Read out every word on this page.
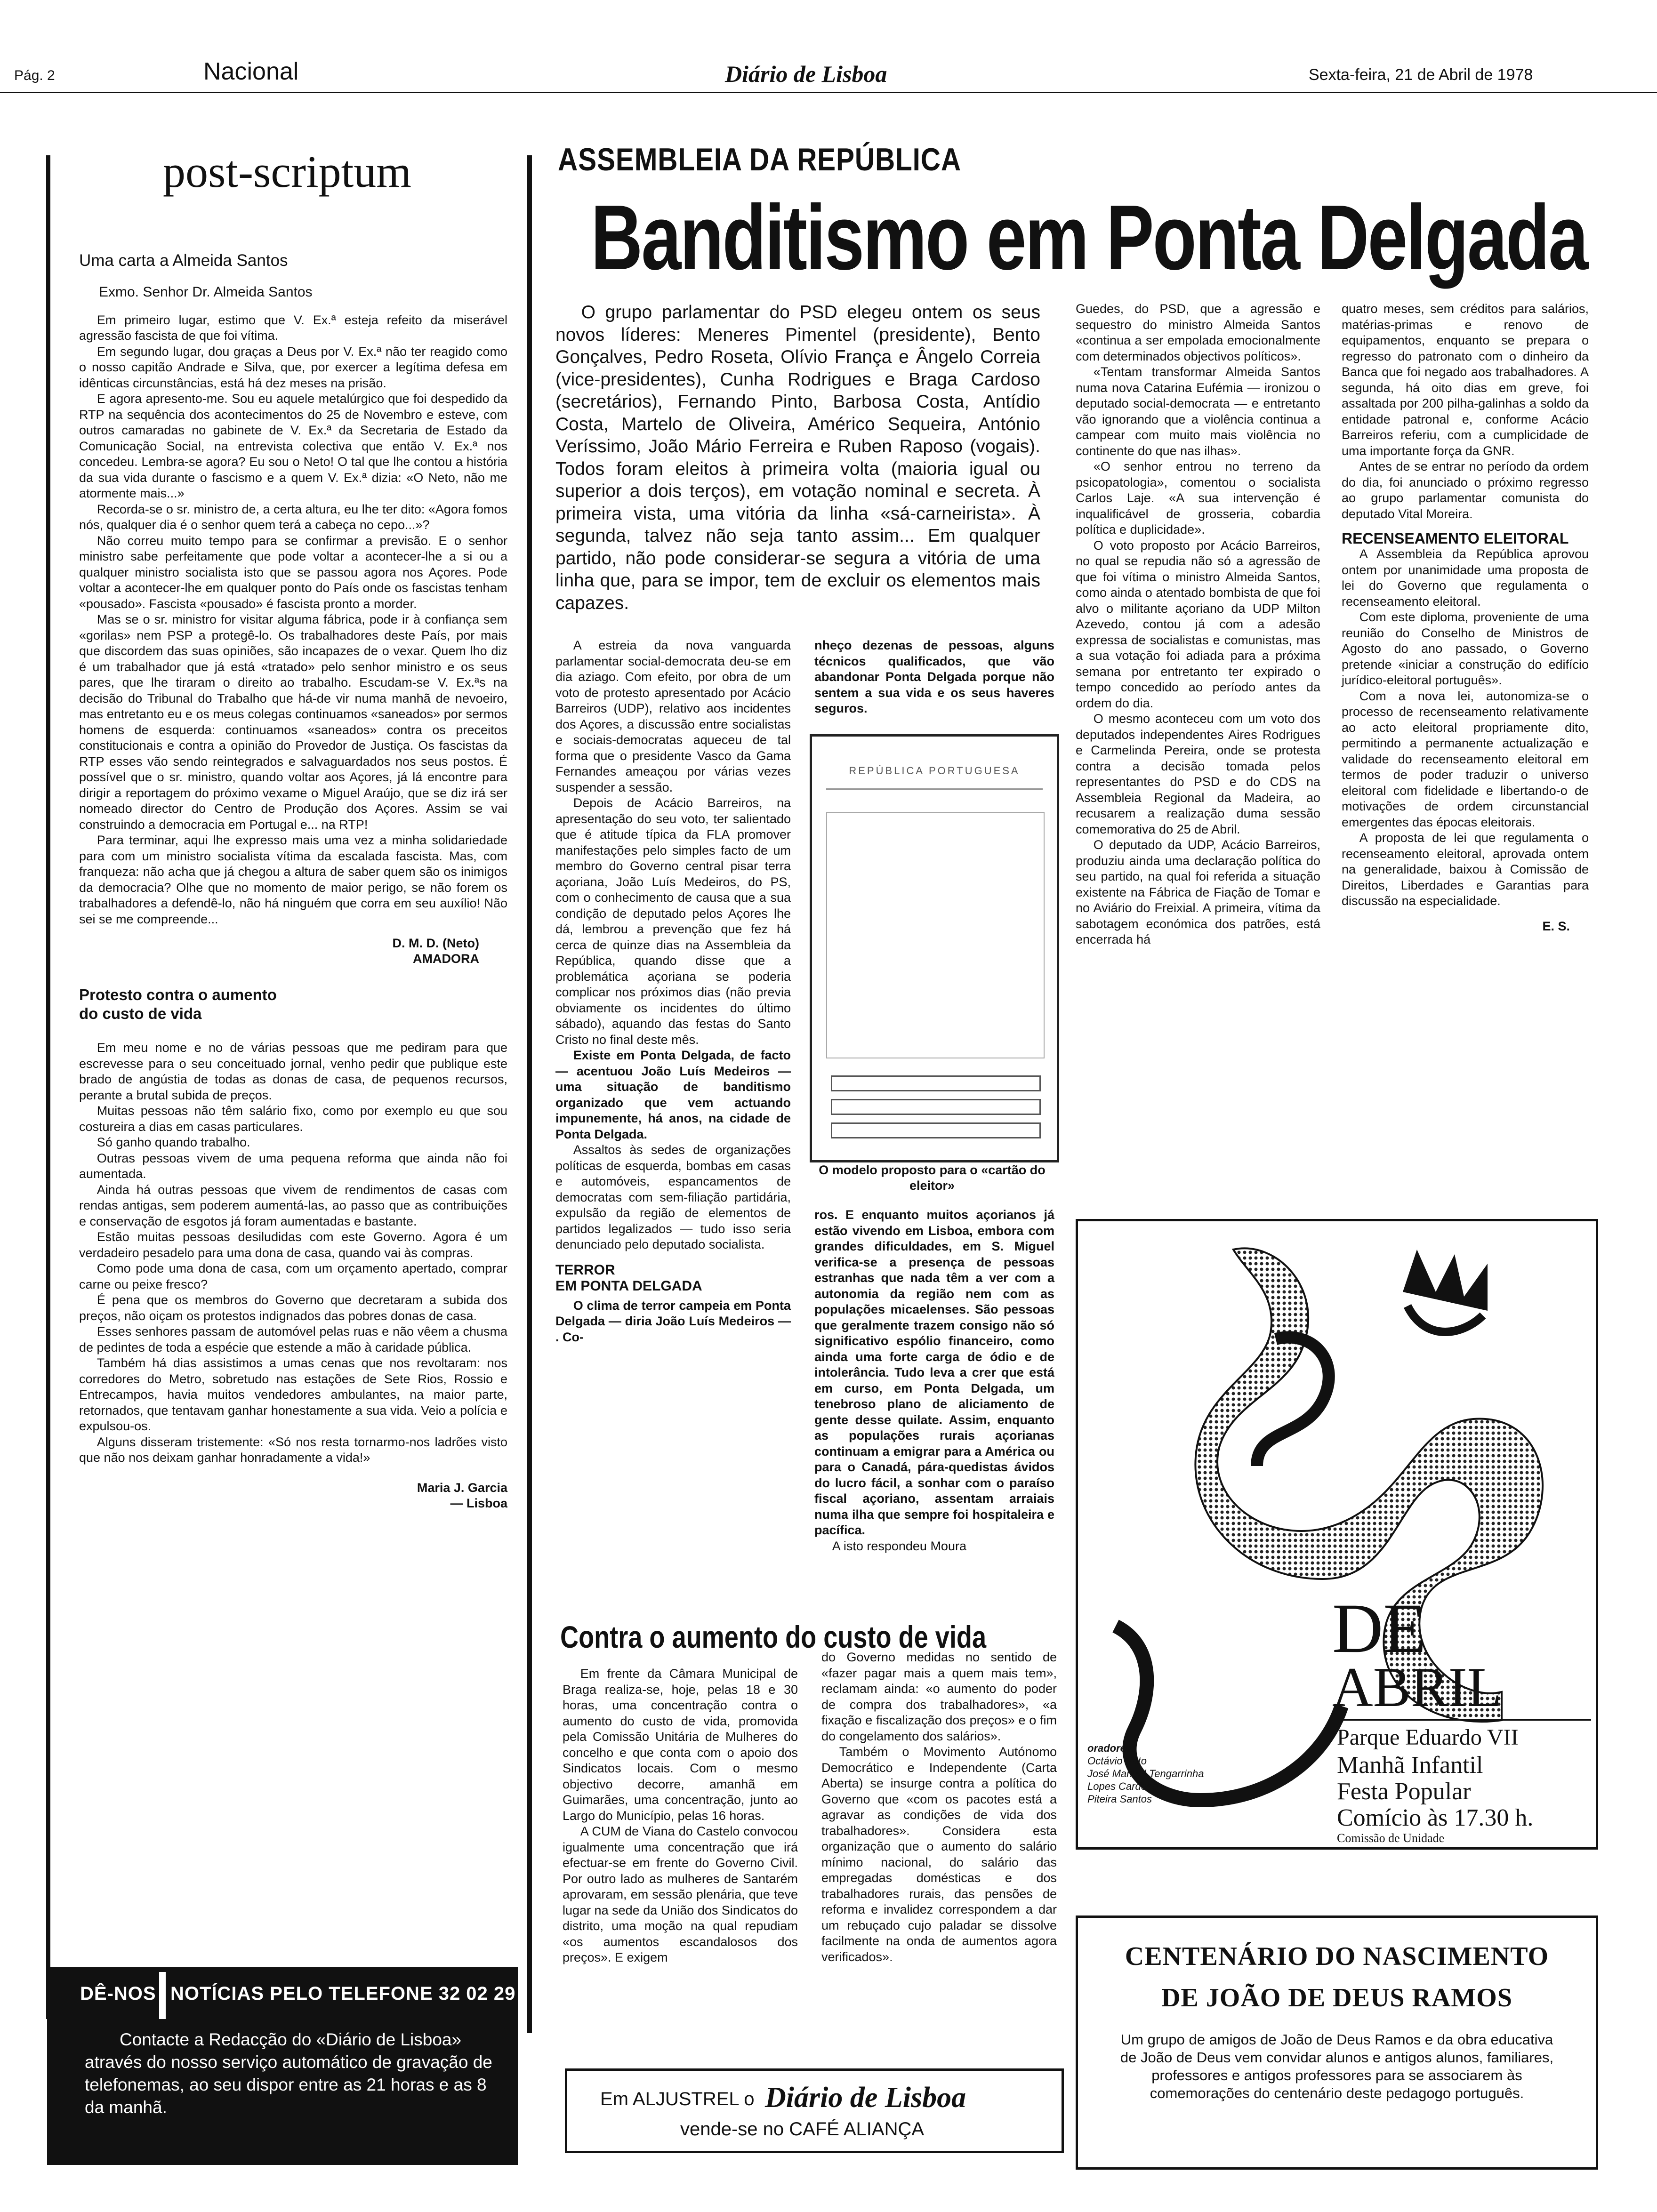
Pág. 2	Nacional	Diário de Lisboa	Sexta-feira, 21 de Abril de 1978
post-scriptum
Uma carta a Almeida Santos
Exmo. Senhor Dr. Almeida Santos

Em primeiro lugar, estimo que V. Ex.ª esteja refeito da miserável agressão fascista de que foi vítima.

Em segundo lugar, dou graças a Deus por V. Ex.ª não ter reagido como o nosso capitão Andrade e Silva, que, por exercer a legítima defesa em idênticas circunstâncias, está há dez meses na prisão.

E agora apresento-me. Sou eu aquele metalúrgico que foi despedido da RTP na sequência dos acontecimentos do 25 de Novembro e esteve, com outros camaradas no gabinete de V. Ex.ª da Secretaria de Estado da Comunicação Social, na entrevista colectiva que então V. Ex.ª nos concedeu. Lembra-se agora? Eu sou o Neto! O tal que lhe contou a história da sua vida durante o fascismo e a quem V. Ex.ª dizia: «O Neto, não me atormente mais...»

Recorda-se o sr. ministro de, a certa altura, eu lhe ter dito: «Agora fomos nós, qualquer dia é o senhor quem terá a cabeça no cepo...»?

Não correu muito tempo para se confirmar a previsão. E o senhor ministro sabe perfeitamente que pode voltar a acontecer-lhe a si ou a qualquer ministro socialista isto que se passou agora nos Açores. Pode voltar a acontecer-lhe em qualquer ponto do País onde os fascistas tenham «pousado». Fascista «pousado» é fascista pronto a morder.

Mas se o sr. ministro for visitar alguma fábrica, pode ir à confiança sem «gorilas» nem PSP a protegê-lo. Os trabalhadores deste País, por mais que discordem das suas opiniões, são incapazes de o vexar. Quem lho diz é um trabalhador que já está «tratado» pelo senhor ministro e os seus pares, que lhe tiraram o direito ao trabalho. Escudam-se V. Ex.ªs na decisão do Tribunal do Trabalho que há-de vir numa manhã de nevoeiro, mas entretanto eu e os meus colegas continuamos «saneados» por sermos homens de esquerda: continuamos «saneados» contra os preceitos constitucionais e contra a opinião do Provedor de Justiça. Os fascistas da RTP esses vão sendo reintegrados e salvaguardados nos seus postos. É possível que o sr. ministro, quando voltar aos Açores, já lá encontre para dirigir a reportagem do próximo vexame o Miguel Araújo, que se diz irá ser nomeado director do Centro de Produção dos Açores. Assim se vai construindo a democracia em Portugal e... na RTP!

Para terminar, aqui lhe expresso mais uma vez a minha solidariedade para com um ministro socialista vítima da escalada fascista. Mas, com franqueza: não acha que já chegou a altura de saber quem são os inimigos da democracia? Olhe que no momento de maior perigo, se não forem os trabalhadores a defendê-lo, não há ninguém que corra em seu auxílio! Não sei se me compreende...

D. M. D. (Neto)
AMADORA
Protesto contra o aumento
do custo de vida

Em meu nome e no de várias pessoas que me pediram para que escrevesse para o seu conceituado jornal, venho pedir que publique este brado de angústia de todas as donas de casa, de pequenos recursos, perante a brutal subida de preços.

Muitas pessoas não têm salário fixo, como por exemplo eu que sou costureira a dias em casas particulares.

Só ganho quando trabalho.

Outras pessoas vivem de uma pequena reforma que ainda não foi aumentada.

Ainda há outras pessoas que vivem de rendimentos de casas com rendas antigas, sem poderem aumentá-las, ao passo que as contribuições e conservação de esgotos já foram aumentadas e bastante.

Estão muitas pessoas desiludidas com este Governo. Agora é um verdadeiro pesadelo para uma dona de casa, quando vai às compras.

Como pode uma dona de casa, com um orçamento apertado, comprar carne ou peixe fresco?

É pena que os membros do Governo que decretaram a subida dos preços, não oiçam os protestos indignados das pobres donas de casa.

Esses senhores passam de automóvel pelas ruas e não vêem a chusma de pedintes de toda a espécie que estende a mão à caridade pública.

Também há dias assistimos a umas cenas que nos revoltaram: nos corredores do Metro, sobretudo nas estações de Sete Rios, Rossio e Entrecampos, havia muitos vendedores ambulantes, na maior parte, retornados, que tentavam ganhar honestamente a sua vida. Veio a polícia e expulsou-os.

Alguns disseram tristemente: «Só nos resta tornarmo-nos ladrões visto que não nos deixam ganhar honradamente a vida!»

Maria J. Garcia
— Lisboa
DÊ-NOS NOTÍCIAS PELO TELEFONE 32 02 29
Contacte a Redacção do «Diário de Lisboa» através do nosso serviço automático de gravação de telefonemas, ao seu dispor entre as 21 horas e as 8 da manhã.
ASSEMBLEIA DA REPÚBLICA
Banditismo em Ponta Delgada

O grupo parlamentar do PSD elegeu ontem os seus novos líderes: Meneres Pimentel (presidente), Bento Gonçalves, Pedro Roseta, Olívio França e Ângelo Correia (vice-presidentes), Cunha Rodrigues e Braga Cardoso (secretários), Fernando Pinto, Barbosa Costa, Antídio Costa, Martelo de Oliveira, Américo Sequeira, António Veríssimo, João Mário Ferreira e Ruben Raposo (vogais). Todos foram eleitos à primeira volta (maioria igual ou superior a dois terços), em votação nominal e secreta. À primeira vista, uma vitória da linha «sá-carneirista». À segunda, talvez não seja tanto assim... Em qualquer partido, não pode considerar-se segura a vitória de uma linha que, para se impor, tem de excluir os elementos mais capazes.

A estreia da nova vanguarda parlamentar social-democrata deu-se em dia aziago. Com efeito, por obra de um voto de protesto apresentado por Acácio Barreiros (UDP), relativo aos incidentes dos Açores, a discussão entre socialistas e sociais-democratas aqueceu de tal forma que o presidente Vasco da Gama Fernandes ameaçou por várias vezes suspender a sessão.

Depois de Acácio Barreiros, na apresentação do seu voto, ter salientado que é atitude típica da FLA promover manifestações pelo simples facto de um membro do Governo central pisar terra açoriana, João Luís Medeiros, do PS, com o conhecimento de causa que a sua condição de deputado pelos Açores lhe dá, lembrou a prevenção que fez há cerca de quinze dias na Assembleia da República, quando disse que a problemática açoriana se poderia complicar nos próximos dias (não previa obviamente os incidentes do último sábado), aquando das festas do Santo Cristo no final deste mês.

Existe em Ponta Delgada, de facto — acentuou João Luís Medeiros — uma situação de banditismo organizado que vem actuando impunemente, há anos, na cidade de Ponta Delgada.

Assaltos às sedes de organizações políticas de esquerda, bombas em casas e automóveis, espancamentos de democratas com sem-filiação partidária, expulsão da região de elementos de partidos legalizados — tudo isso seria denunciado pelo deputado socialista.

TERROR
EM PONTA DELGADA

O clima de terror campeia em Ponta Delgada — diria João Luís Medeiros — . Co-

nheço dezenas de pessoas, alguns técnicos qualificados, que vão abandonar Ponta Delgada porque não sentem a sua vida e os seus haveres seguros.

REPÚBLICA PORTUGUESA
O modelo proposto para o «cartão do eleitor»

ros. E enquanto muitos açorianos já estão vivendo em Lisboa, embora com grandes dificuldades, em S. Miguel verifica-se a presença de pessoas estranhas que nada têm a ver com a autonomia da região nem com as populações micaelenses. São pessoas que geralmente trazem consigo não só significativo espólio financeiro, como ainda uma forte carga de ódio e de intolerância. Tudo leva a crer que está em curso, em Ponta Delgada, um tenebroso plano de aliciamento de gente desse quilate. Assim, enquanto as populações rurais açorianas continuam a emigrar para a América ou para o Canadá, pára-quedistas ávidos do lucro fácil, a sonhar com o paraíso fiscal açoriano, assentam arraiais numa ilha que sempre foi hospitaleira e pacífica.

A isto respondeu Moura

Guedes, do PSD, que a agressão e sequestro do ministro Almeida Santos «continua a ser empolada emocionalmente com determinados objectivos políticos».

«Tentam transformar Almeida Santos numa nova Catarina Eufémia — ironizou o deputado social-democrata — e entretanto vão ignorando que a violência continua a campear com muito mais violência no continente do que nas ilhas».

«O senhor entrou no terreno da psicopatologia», comentou o socialista Carlos Laje. «A sua intervenção é inqualificável de grosseria, cobardia política e duplicidade».

O voto proposto por Acácio Barreiros, no qual se repudia não só a agressão de que foi vítima o ministro Almeida Santos, como ainda o atentado bombista de que foi alvo o militante açoriano da UDP Milton Azevedo, contou já com a adesão expressa de socialistas e comunistas, mas a sua votação foi adiada para a próxima semana por entretanto ter expirado o tempo concedido ao período antes da ordem do dia.

O mesmo aconteceu com um voto dos deputados independentes Aires Rodrigues e Carmelinda Pereira, onde se protesta contra a decisão tomada pelos representantes do PSD e do CDS na Assembleia Regional da Madeira, ao recusarem a realização duma sessão comemorativa do 25 de Abril.

O deputado da UDP, Acácio Barreiros, produziu ainda uma declaração política do seu partido, na qual foi referida a situação existente na Fábrica de Fiação de Tomar e no Aviário do Freixial. A primeira, vítima da sabotagem económica dos patrões, está encerrada há

quatro meses, sem créditos para salários, matérias-primas e renovo de equipamentos, enquanto se prepara o regresso do patronato com o dinheiro da Banca que foi negado aos trabalhadores. A segunda, há oito dias em greve, foi assaltada por 200 pilha-galinhas a soldo da entidade patronal e, conforme Acácio Barreiros referiu, com a cumplicidade de uma importante força da GNR.

Antes de se entrar no período da ordem do dia, foi anunciado o próximo regresso ao grupo parlamentar comunista do deputado Vital Moreira.

RECENSEAMENTO ELEITORAL

A Assembleia da República aprovou ontem por unanimidade uma proposta de lei do Governo que regulamenta o recenseamento eleitoral.

Com este diploma, proveniente de uma reunião do Conselho de Ministros de Agosto do ano passado, o Governo pretende «iniciar a construção do edifício jurídico-eleitoral português».

Com a nova lei, autonomiza-se o processo de recenseamento relativamente ao acto eleitoral propriamente dito, permitindo a permanente actualização e validade do recenseamento eleitoral em termos de poder traduzir o universo eleitoral com fidelidade e libertando-o de motivações de ordem circunstancial emergentes das épocas eleitorais.

A proposta de lei que regulamenta o recenseamento eleitoral, aprovada ontem na generalidade, baixou à Comissão de Direitos, Liberdades e Garantias para discussão na especialidade.

E. S.
Contra o aumento do custo de vida

Em frente da Câmara Municipal de Braga realiza-se, hoje, pelas 18 e 30 horas, uma concentração contra o aumento do custo de vida, promovida pela Comissão Unitária de Mulheres do concelho e que conta com o apoio dos Sindicatos locais. Com o mesmo objectivo decorre, amanhã em Guimarães, uma concentração, junto ao Largo do Município, pelas 16 horas.

A CUM de Viana do Castelo convocou igualmente uma concentração que irá efectuar-se em frente do Governo Civil. Por outro lado as mulheres de Santarém aprovaram, em sessão plenária, que teve lugar na sede da União dos Sindicatos do distrito, uma moção na qual repudiam «os aumentos escandalosos dos preços». E exigem

do Governo medidas no sentido de «fazer pagar mais a quem mais tem», reclamam ainda: «o aumento do poder de compra dos trabalhadores», «a fixação e fiscalização dos preços» e o fim do congelamento dos salários».

Também o Movimento Autónomo Democrático e Independente (Carta Aberta) se insurge contra a política do Governo que «com os pacotes está a agravar as condições de vida dos trabalhadores». Considera esta organização que o aumento do salário mínimo nacional, do salário das empregadas domésticas e dos trabalhadores rurais, das pensões de reforma e invalidez correspondem a dar um rebuçado cujo paladar se dissolve facilmente na onda de aumentos agora verificados».

Em ALJUSTREL o Diário de Lisboa
vende-se no CAFÉ ALIANÇA
DE
ABRIL
Parque Eduardo VII
Manhã Infantil
Festa Popular
Comício às 17.30 h.
Comissão de Unidade
oradores:
Octávio Pato
José Manuel Tengarrinha
Lopes Cardoso
Piteira Santos
CENTENÁRIO DO NASCIMENTO
DE JOÃO DE DEUS RAMOS
Um grupo de amigos de João de Deus Ramos e da obra educativa de João de Deus vem convidar alunos e antigos alunos, familiares, professores e antigos professores para se associarem às comemorações do centenário deste pedagogo português.
